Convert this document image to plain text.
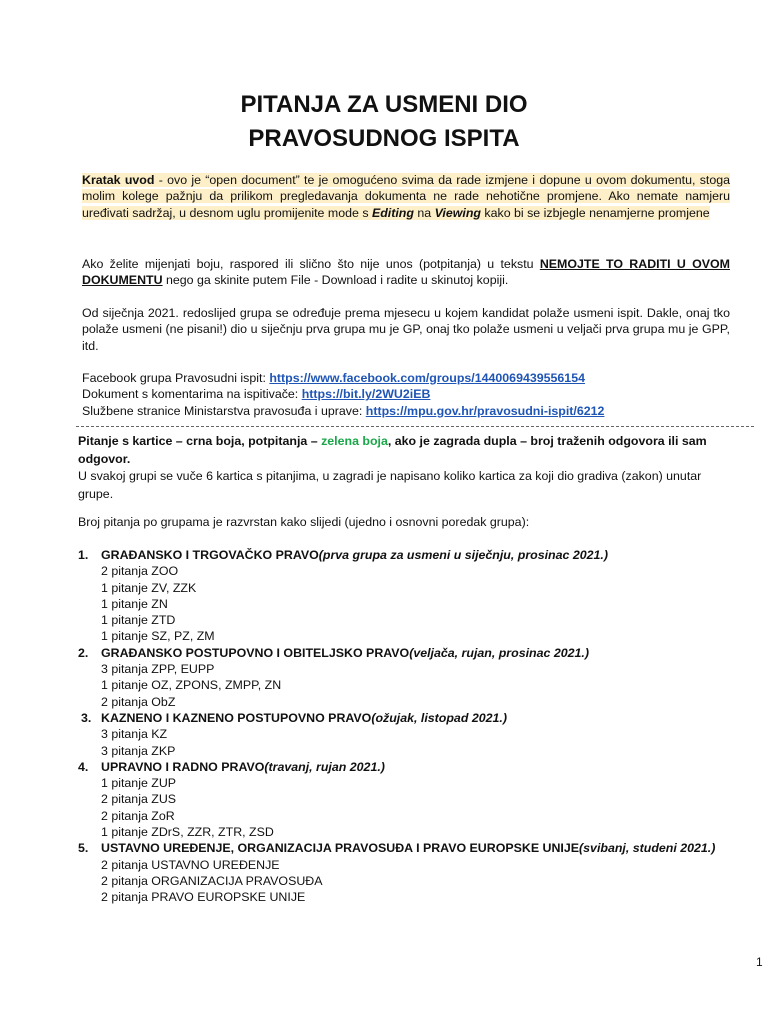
PITANJA ZA USMENI DIO
PRAVOSUDNOG ISPITA

Kratak uvod - ovo je “open document” te je omogućeno svima da rade izmjene i dopune u ovom dokumentu, stoga molim kolege pažnju da prilikom pregledavanja dokumenta ne rade nehotične promjene. Ako nemate namjeru uređivati sadržaj, u desnom uglu promijenite mode s Editing na Viewing kako bi se izbjegle nenamjerne promjene

Ako želite mijenjati boju, raspored ili slično što nije unos (potpitanja) u tekstu NEMOJTE TO RADITI U OVOM DOKUMENTU nego ga skinite putem File - Download i radite u skinutoj kopiji.
Od siječnja 2021. redoslijed grupa se određuje prema mjesecu u kojem kandidat polaže usmeni ispit. Dakle, onaj tko polaže usmeni (ne pisani!) dio u siječnju prva grupa mu je GP, onaj tko polaže usmeni u veljači prva grupa mu je GPP, itd.
Facebook grupa Pravosudni ispit: https://www.facebook.com/groups/1440069439556154
Dokument s komentarima na ispitivače: https://bit.ly/2WU2iEB
Službene stranice Ministarstva pravosuđa i uprave: https://mpu.gov.hr/pravosudni-ispit/6212

Pitanje s kartice – crna boja, potpitanja – zelena boja, ako je zagrada dupla – broj traženih odgovora ili sam odgovor.

U svakoj grupi se vuče 6 kartica s pitanjima, u zagradi je napisano koliko kartica za koji dio gradiva (zakon) unutar grupe.

Broj pitanja po grupama je razvrstan kako slijedi (ujedno i osnovni poredak grupa):
1.	GRAĐANSKO I TRGOVAČKO PRAVO (prva grupa za usmeni u siječnju, prosinac 2021.)
2 pitanja ZOO
1 pitanje ZV, ZZK
1 pitanje ZN
1 pitanje ZTD
1 pitanje SZ, PZ, ZM
2.	GRAĐANSKO POSTUPOVNO I OBITELJSKO PRAVO (veljača, rujan, prosinac 2021.)
3 pitanja ZPP, EUPP
1 pitanje OZ, ZPONS, ZMPP, ZN
2 pitanja ObZ
3. KAZNENO I KAZNENO POSTUPOVNO PRAVO (ožujak, listopad 2021.)
3 pitanja KZ
3 pitanja ZKP
4.	UPRAVNO I RADNO PRAVO (travanj, rujan 2021.)
1 pitanje ZUP
2 pitanja ZUS
2 pitanja ZoR
1 pitanje ZDrS, ZZR, ZTR, ZSD
5.	USTAVNO UREĐENJE, ORGANIZACIJA PRAVOSUĐA I PRAVO EUROPSKE UNIJE (svibanj, studeni 2021.)
2 pitanja USTAVNO UREĐENJE
2 pitanja ORGANIZACIJA PRAVOSUĐA
2 pitanja PRAVO EUROPSKE UNIJE
1
